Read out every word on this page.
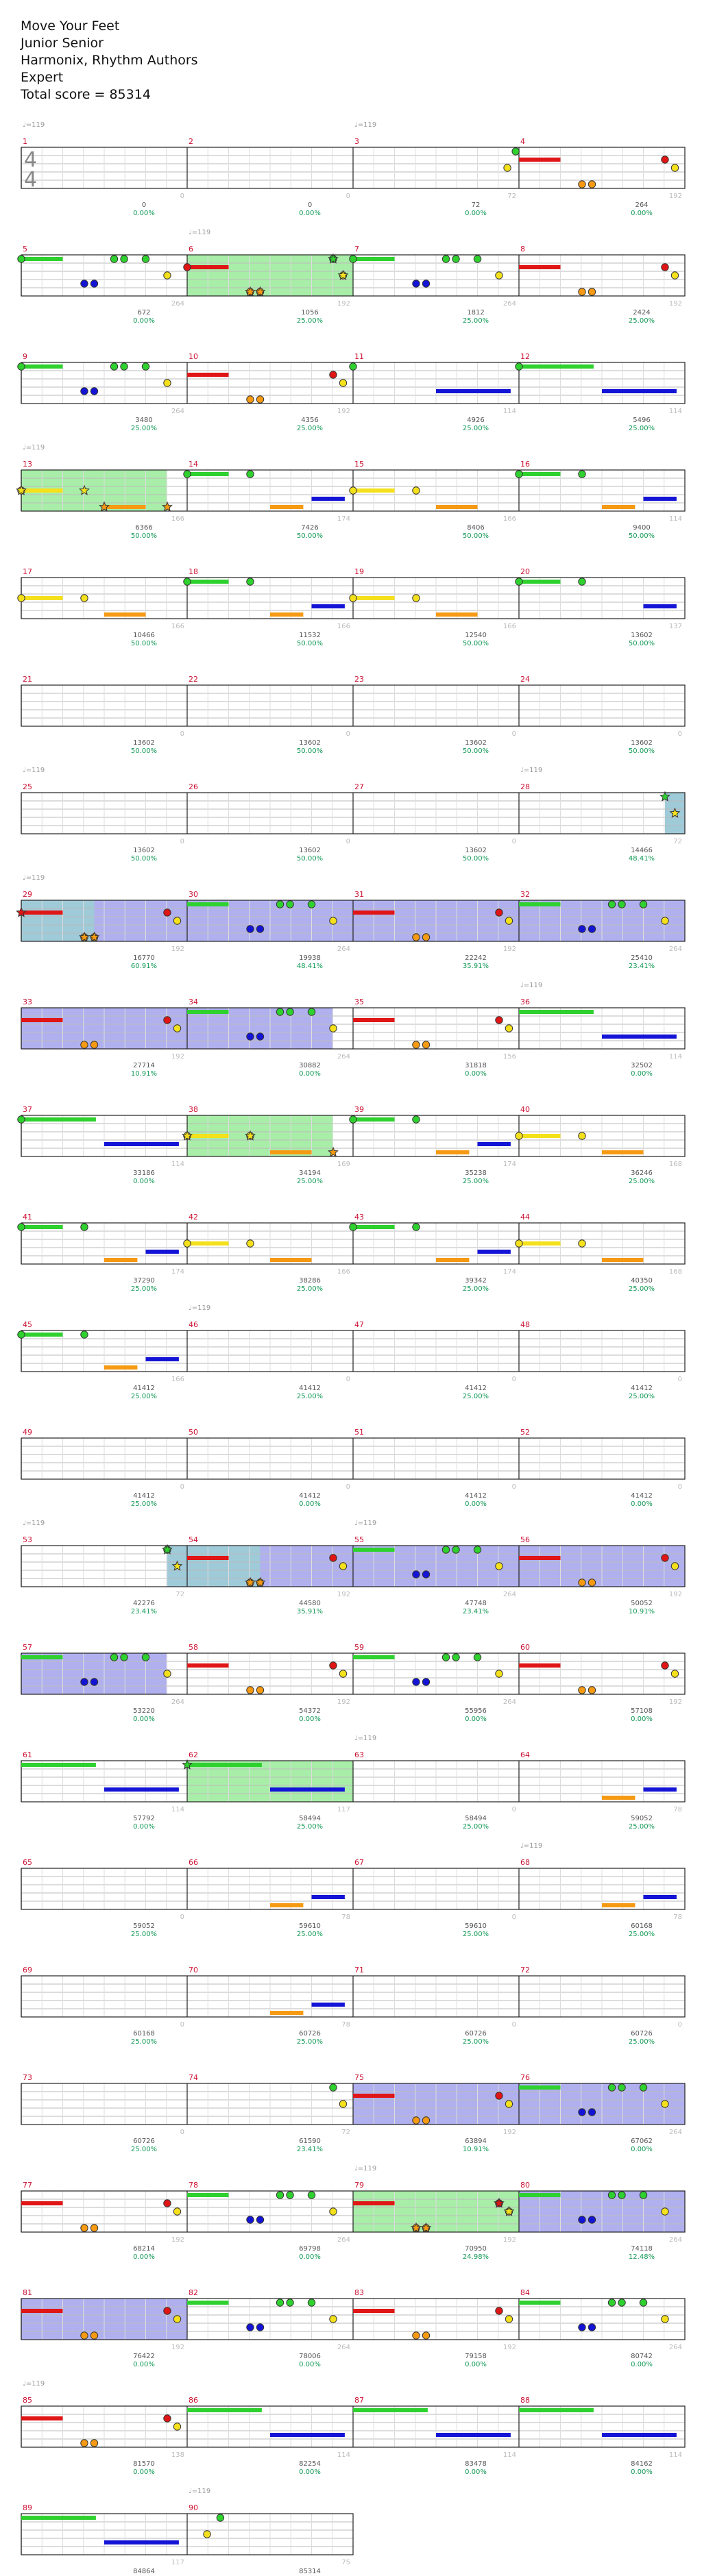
Move Your Feet
Junior Senior
Harmonix, Rhythm Authors
Expert
Total score = 85314
4
4
1
0
0
0.00%
2
0
0
0.00%
3
72
72
0.00%
4
192
264
0.00%
5
264
672
0.00%
6
192
1056
25.00%
7
264
1812
25.00%
8
192
2424
25.00%
9
264
3480
25.00%
10
192
4356
25.00%
11
114
4926
25.00%
12
114
5496
25.00%
13
166
6366
50.00%
14
174
7426
50.00%
15
166
8406
50.00%
16
114
9400
50.00%
17
166
10466
50.00%
18
166
11532
50.00%
19
166
12540
50.00%
20
137
13602
50.00%
21
0
13602
50.00%
22
0
13602
50.00%
23
0
13602
50.00%
24
0
13602
50.00%
25
0
13602
50.00%
26
0
13602
50.00%
27
0
13602
50.00%
28
72
14466
48.41%
29
192
16770
60.91%
30
264
19938
48.41%
31
192
22242
35.91%
32
264
25410
23.41%
33
192
27714
10.91%
34
264
30882
0.00%
35
156
31818
0.00%
36
114
32502
0.00%
37
114
33186
0.00%
38
169
34194
25.00%
39
174
35238
25.00%
40
168
36246
25.00%
41
174
37290
25.00%
42
166
38286
25.00%
43
174
39342
25.00%
44
168
40350
25.00%
45
166
41412
25.00%
46
0
41412
25.00%
47
0
41412
25.00%
48
0
41412
25.00%
49
0
41412
25.00%
50
0
41412
0.00%
51
0
41412
0.00%
52
0
41412
0.00%
53
72
42276
23.41%
54
192
44580
35.91%
55
264
47748
23.41%
56
192
50052
10.91%
57
264
53220
0.00%
58
192
54372
0.00%
59
264
55956
0.00%
60
192
57108
0.00%
61
114
57792
0.00%
62
117
58494
25.00%
63
0
58494
25.00%
64
78
59052
25.00%
65
0
59052
25.00%
66
78
59610
25.00%
67
0
59610
25.00%
68
78
60168
25.00%
69
0
60168
25.00%
70
78
60726
25.00%
71
0
60726
25.00%
72
0
60726
25.00%
73
0
60726
25.00%
74
72
61590
23.41%
75
192
63894
10.91%
76
264
67062
0.00%
77
192
68214
0.00%
78
264
69798
0.00%
79
192
70950
24.98%
80
264
74118
12.48%
81
192
76422
0.00%
82
264
78006
0.00%
83
192
79158
0.00%
84
264
80742
0.00%
85
138
81570
0.00%
86
114
82254
0.00%
87
114
83478
0.00%
88
114
84162
0.00%
89
117
84864
90
75
85314
♩=119	♩=119
♩=119
♩=119
♩=119	♩=119
♩=119
♩=119
♩=119
♩=119	♩=119
♩=119
♩=119
♩=119
♩=119
♩=119
